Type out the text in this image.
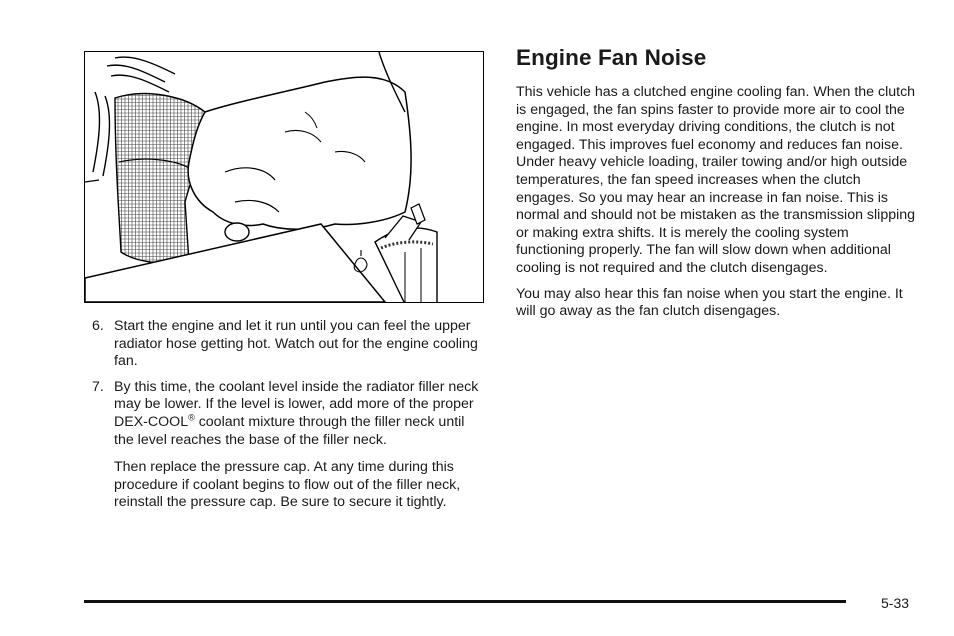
6. Start the engine and let it run until you can feel the upper radiator hose getting hot. Watch out for the engine cooling fan.

7. By this time, the coolant level inside the radiator filler neck may be lower. If the level is lower, add more of the proper DEX-COOL® coolant mixture through the filler neck until the level reaches the base of the filler neck.

Then replace the pressure cap. At any time during this procedure if coolant begins to flow out of the filler neck, reinstall the pressure cap. Be sure to secure it tightly.

Engine Fan Noise

This vehicle has a clutched engine cooling fan. When the clutch is engaged, the fan spins faster to provide more air to cool the engine. In most everyday driving conditions, the clutch is not engaged. This improves fuel economy and reduces fan noise. Under heavy vehicle loading, trailer towing and/or high outside temperatures, the fan speed increases when the clutch engages. So you may hear an increase in fan noise. This is normal and should not be mistaken as the transmission slipping or making extra shifts. It is merely the cooling system functioning properly. The fan will slow down when additional cooling is not required and the clutch disengages.

You may also hear this fan noise when you start the engine. It will go away as the fan clutch disengages.

5-33
